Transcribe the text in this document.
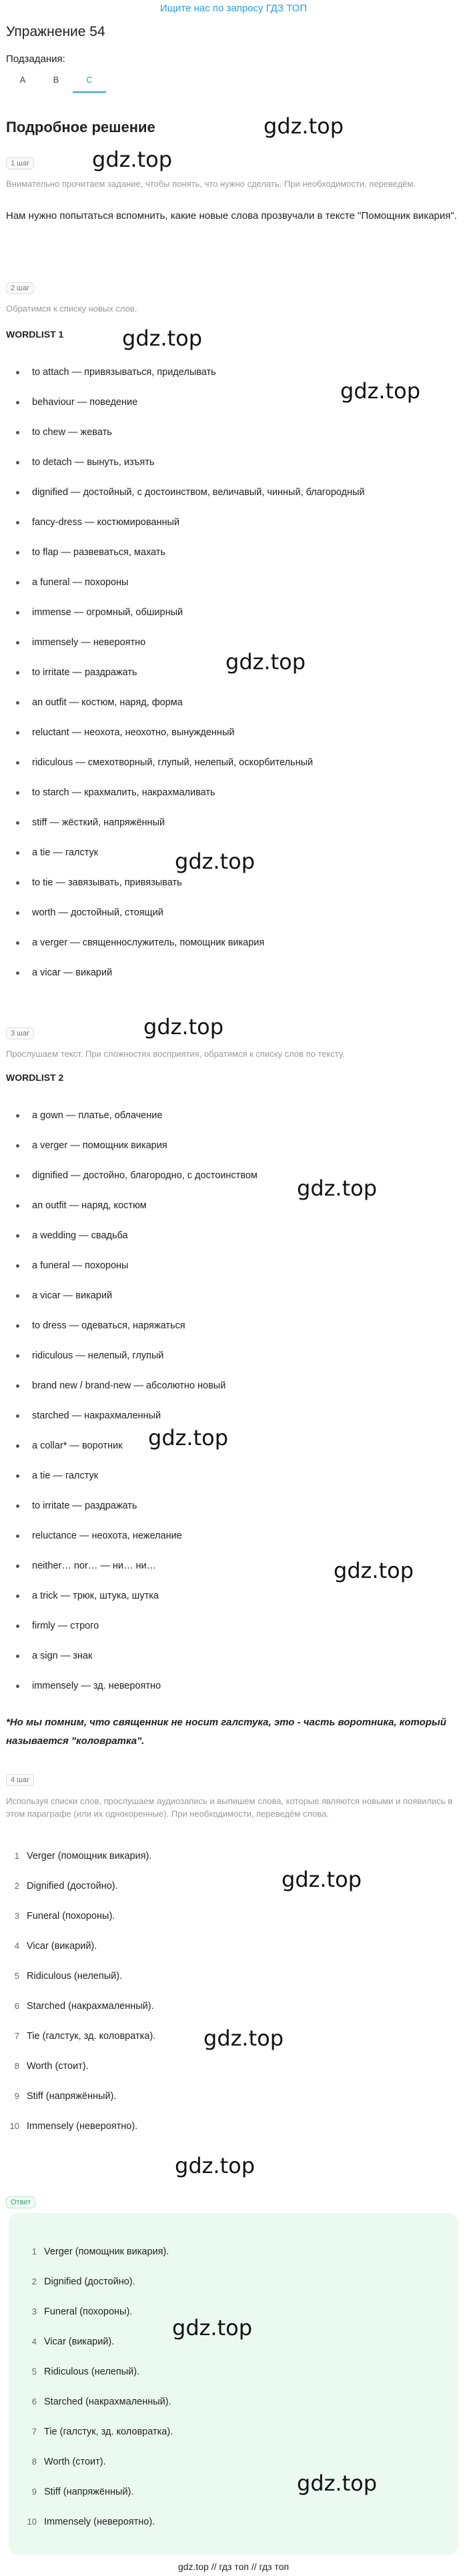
Ищите нас по запросу ГДЗ ТОП
Упражнение 54
Подзадания:
A	B	C
Подробное решение	gdz.top
1 шаг	gdz.top
Внимательно прочитаем задание, чтобы понять, что нужно сделать. При необходимости, переведём.
Нам нужно попытаться вспомнить, какие новые слова прозвучали в тексте "Помощник викария".
2 шаг
Обратимся к списку новых слов.
WORDLIST 1	gdz.top
gdz.top
to attach — привязываться, приделывать
behaviour — поведение
to chew — жевать
to detach — вынуть, изъять
dignified — достойный, с достоинством, величавый, чинный, благородный
fancy-dress — костюмированный
to flap — развеваться, махать
a funeral — похороны
immense — огромный, обширный
immensely — невероятно
to irritate — раздражать
an outfit — костюм, наряд, форма
reluctant — неохота, неохотно, вынужденный
ridiculous — смехотворный, глупый, нелепый, оскорбительный
to starch — крахмалить, накрахмаливать
stiff — жёсткий, напряжённый
a tie — галстук
to tie — завязывать, привязывать
worth — достойный, стоящий
a verger — священнослужитель, помощник викария
a vicar — викарий
gdz.top
gdz.top
gdz.top
3 шаг
Прослушаем текст. При сложностях восприятия, обратимся к списку слов по тексту.
WORDLIST 2
a gown — платье, облачение
a verger — помощник викария
dignified — достойно, благородно, с достоинством
an outfit — наряд, костюм
a wedding — свадьба
a funeral — похороны
a vicar — викарий
to dress — одеваться, наряжаться
ridiculous — нелепый, глупый
brand new / brand-new — абсолютно новый
starched — накрахмаленный
a collar* — воротник
a tie — галстук
to irritate — раздражать
reluctance — неохота, нежелание
neither… nor… — ни… ни…
a trick — трюк, штука, шутка
firmly — строго
a sign — знак
immensely — зд. невероятно
gdz.top
gdz.top
gdz.top
*Но мы помним, что священник не носит галстука, это - часть воротника, который называется "коловратка".
4 шаг
Используя списки слов, прослушаем аудиозапись и выпишем слова, которые являются новыми и появились в этом параграфе (или их однокоренные). При необходимости, переведём слова.
1 Verger (помощник викария).
2 Dignified (достойно).
3 Funeral (похороны).
4 Vicar (викарий).
5 Ridiculous (нелепый).
6 Starched (накрахмаленный).
7 Tie (галстук, зд. коловратка).
8 Worth (стоит).
9 Stiff (напряжённый).
10 Immensely (невероятно).
gdz.top
gdz.top
gdz.top
Ответ
1 Verger (помощник викария).
2 Dignified (достойно).
3 Funeral (похороны).
4 Vicar (викарий).
5 Ridiculous (нелепый).
6 Starched (накрахмаленный).
7 Tie (галстук, зд. коловратка).
8 Worth (стоит).
9 Stiff (напряжённый).
10 Immensely (невероятно).
gdz.top
gdz.top
gdz.top // гдз топ // гдз топ
